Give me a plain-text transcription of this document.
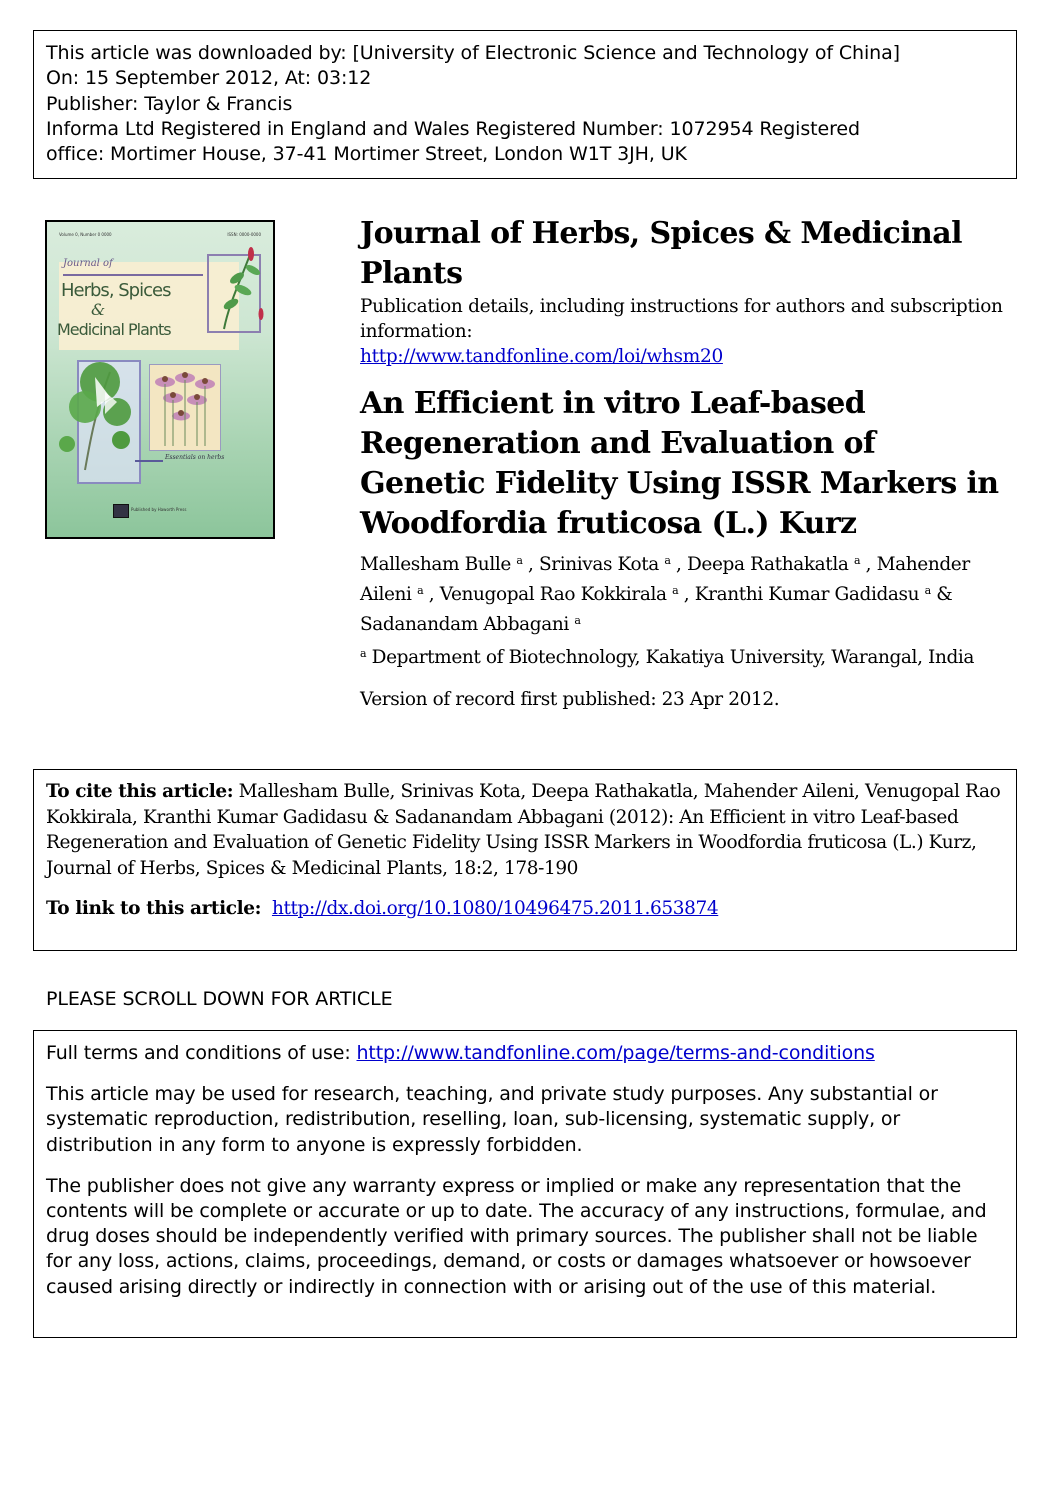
This article was downloaded by: [University of Electronic Science and Technology of China]
On: 15 September 2012, At: 03:12
Publisher: Taylor & Francis
Informa Ltd Registered in England and Wales Registered Number: 1072954 Registered
office: Mortimer House, 37-41 Mortimer Street, London W1T 3JH, UK
Volume 0, Number 0 0000	ISSN: 0000-0000
Journal of
Herbs, Spices
&
Medicinal Plants
Essentials on herbs
Published by Haworth Press
Journal of Herbs, Spices & Medicinal Plants
Publication details, including instructions for authors and subscription information:
http://www.tandfonline.com/loi/whsm20
An Efficient in vitro Leaf-based
Regeneration and Evaluation of
Genetic Fidelity Using ISSR Markers in
Woodfordia fruticosa (L.) Kurz
Mallesham Bulle $^a$ , Srinivas Kota $^a$ , Deepa Rathakatla $^a$ , Mahender Aileni $^a$ , Venugopal Rao Kokkirala $^a$ , Kranthi Kumar Gadidasu $^a$ & Sadanandam Abbagani $^a$
$^a$ Department of Biotechnology, Kakatiya University, Warangal, India
Version of record first published: 23 Apr 2012.
To cite this article: Mallesham Bulle, Srinivas Kota, Deepa Rathakatla, Mahender Aileni, Venugopal Rao Kokkirala, Kranthi Kumar Gadidasu & Sadanandam Abbagani (2012): An Efficient in vitro Leaf-based Regeneration and Evaluation of Genetic Fidelity Using ISSR Markers in Woodfordia fruticosa (L.) Kurz, Journal of Herbs, Spices & Medicinal Plants, 18:2, 178-190
To link to this article: http://dx.doi.org/10.1080/10496475.2011.653874
PLEASE SCROLL DOWN FOR ARTICLE

Full terms and conditions of use: http://www.tandfonline.com/page/terms-and-conditions

This article may be used for research, teaching, and private study purposes. Any substantial or systematic reproduction, redistribution, reselling, loan, sub-licensing, systematic supply, or distribution in any form to anyone is expressly forbidden.

The publisher does not give any warranty express or implied or make any representation that the contents will be complete or accurate or up to date. The accuracy of any instructions, formulae, and drug doses should be independently verified with primary sources. The publisher shall not be liable for any loss, actions, claims, proceedings, demand, or costs or damages whatsoever or howsoever caused arising directly or indirectly in connection with or arising out of the use of this material.
